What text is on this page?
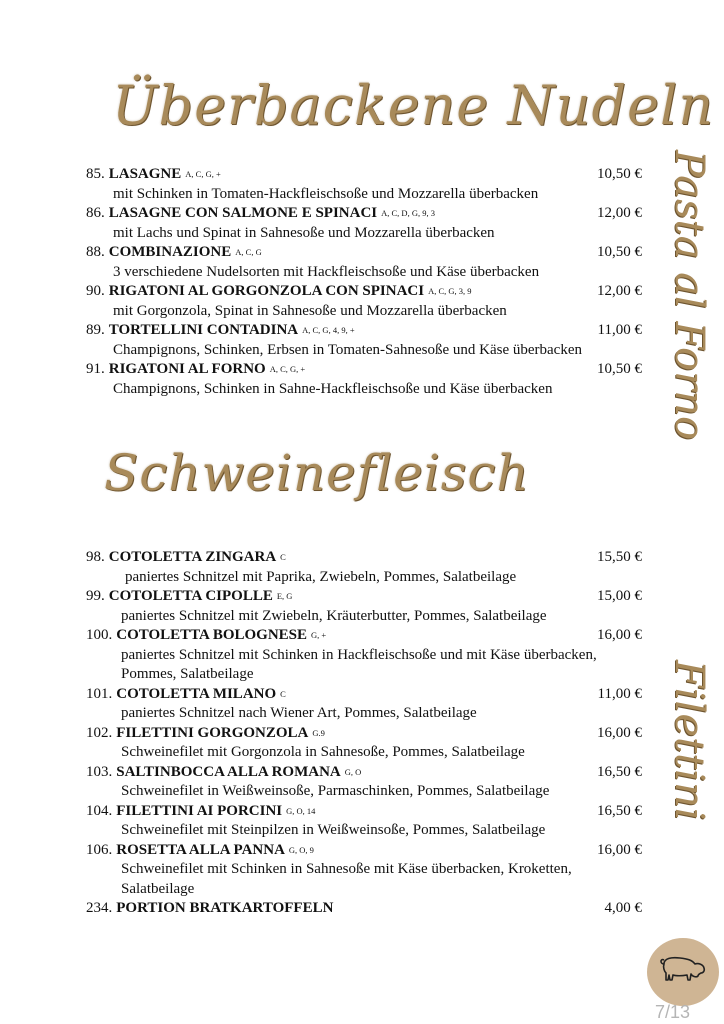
Überbackene Nudeln
Pasta al Forno
85. LASAGNE A, C, G, +	10,50 €
mit Schinken in Tomaten-Hackfleischsoße und Mozzarella überbacken
86. LASAGNE CON SALMONE E SPINACI A, C, D, G, 9, 3	12,00 €
mit Lachs und Spinat in Sahnesoße und Mozzarella überbacken
88. COMBINAZIONE A, C, G	10,50 €
3 verschiedene Nudelsorten mit Hackfleischsoße und Käse überbacken
90. RIGATONI AL GORGONZOLA CON SPINACI A, C, G, 3, 9	12,00 €
mit Gorgonzola, Spinat in Sahnesoße und Mozzarella überbacken
89. TORTELLINI CONTADINA A, C, G, 4, 9, +	11,00 €
Champignons, Schinken, Erbsen in Tomaten-Sahnesoße und Käse überbacken
91. RIGATONI AL FORNO A, C, G, +	10,50 €
Champignons, Schinken in Sahne-Hackfleischsoße und Käse überbacken
Schweinefleisch
Filettini
98. COTOLETTA ZINGARA C	15,50 €
paniertes Schnitzel mit Paprika, Zwiebeln, Pommes, Salatbeilage
99. COTOLETTA CIPOLLE E, G	15,00 €
paniertes Schnitzel mit Zwiebeln, Kräuterbutter, Pommes, Salatbeilage
100. COTOLETTA BOLOGNESE G, +	16,00 €
paniertes Schnitzel mit Schinken in Hackfleischsoße und mit Käse überbacken, Pommes, Salatbeilage
101. COTOLETTA MILANO C	11,00 €
paniertes Schnitzel nach Wiener Art, Pommes, Salatbeilage
102. FILETTINI GORGONZOLA G.9	16,00 €
Schweinefilet mit Gorgonzola in Sahnesoße, Pommes, Salatbeilage
103. SALTINBOCCA ALLA ROMANA G, O	16,50 €
Schweinefilet in Weißweinsoße, Parmaschinken, Pommes, Salatbeilage
104. FILETTINI AI PORCINI G, O, 14	16,50 €
Schweinefilet mit Steinpilzen in Weißweinsoße, Pommes, Salatbeilage
106. ROSETTA ALLA PANNA G, O, 9	16,00 €
Schweinefilet mit Schinken in Sahnesoße mit Käse überbacken, Kroketten, Salatbeilage
234. PORTION BRATKARTOFFELN	4,00 €
7/13
